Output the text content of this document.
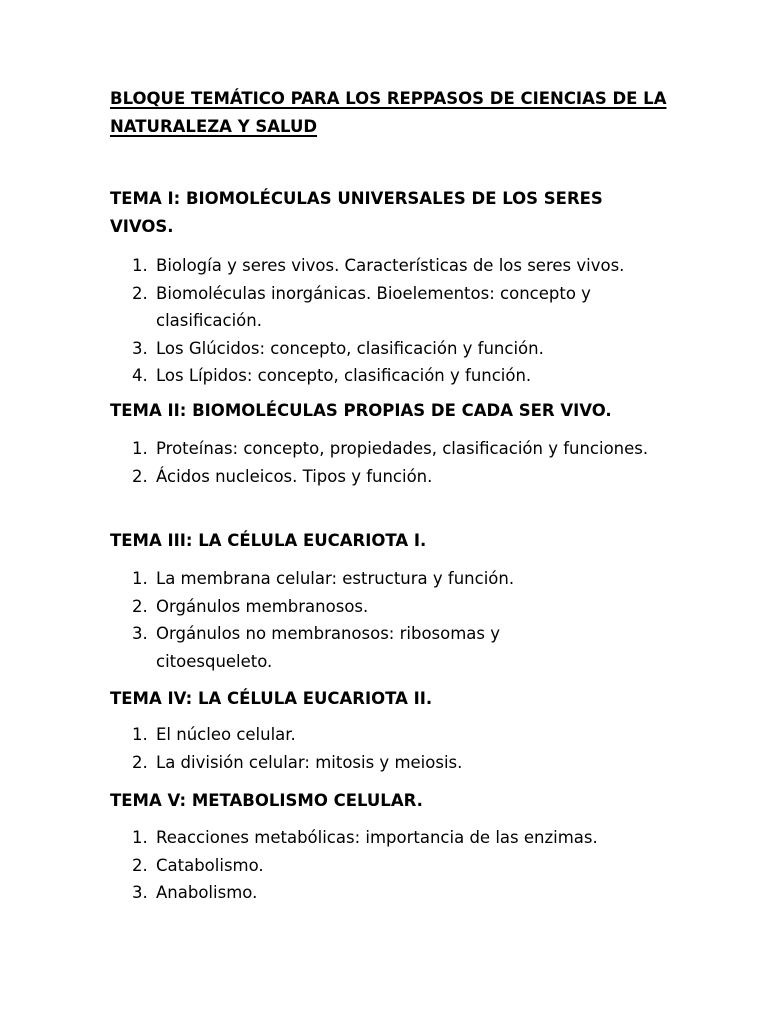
BLOQUE TEMÁTICO PARA LOS REPPASOS DE CIENCIAS DE LA NATURALEZA Y SALUD
TEMA I: BIOMOLÉCULAS UNIVERSALES DE LOS SERES VIVOS.
1. Biología y seres vivos. Características de los seres vivos.
2. Biomoléculas inorgánicas. Bioelementos: concepto y clasificación.
3. Los Glúcidos: concepto, clasificación y función.
4. Los Lípidos: concepto, clasificación y función.
TEMA II: BIOMOLÉCULAS PROPIAS DE CADA SER VIVO.
1. Proteínas: concepto, propiedades, clasificación y funciones.
2. Ácidos nucleicos. Tipos y función.
TEMA III: LA CÉLULA EUCARIOTA I.
1. La membrana celular: estructura y función.
2. Orgánulos membranosos.
3. Orgánulos no membranosos: ribosomas y citoesqueleto.
TEMA IV: LA CÉLULA EUCARIOTA II.
1. El núcleo celular.
2. La división celular: mitosis y meiosis.
TEMA V: METABOLISMO CELULAR.
1. Reacciones metabólicas: importancia de las enzimas.
2. Catabolismo.
3. Anabolismo.
